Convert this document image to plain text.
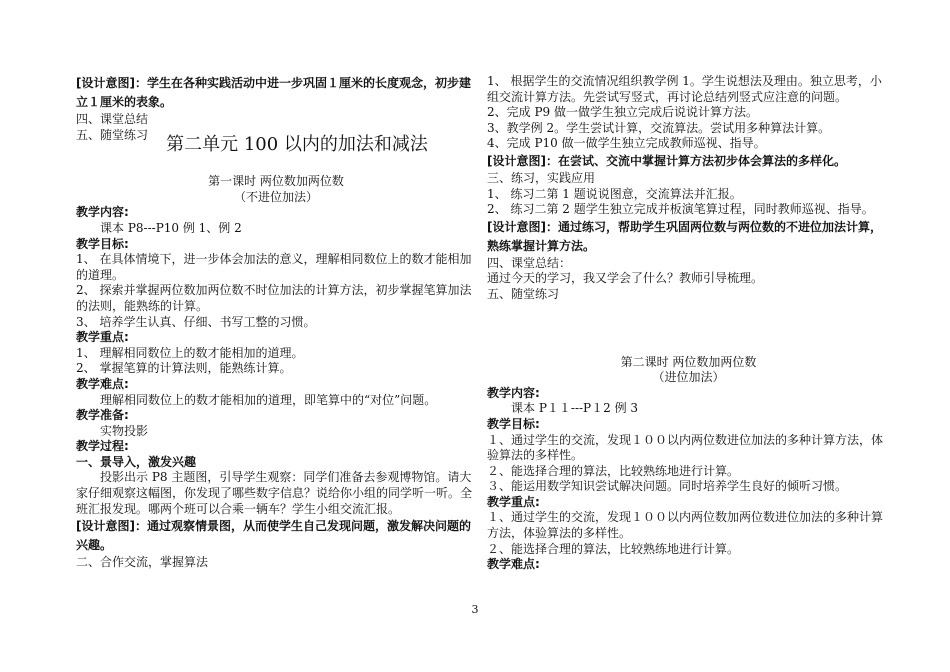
[设计意图]：学生在各种实践活动中进一步巩固１厘米的长度观念，初步建立１厘米的表象。

四、课堂总结

五、随堂练习	第二单元 100 以内的加法和减法

第一课时 两位数加两位数

（不进位加法）

教学内容:

课本 P8---P10 例 1、例 2

教学目标:

1、 在具体情境下，进一步体会加法的意义，理解相同数位上的数才能相加的道理。

2、 探索并掌握两位数加两位数不时位加法的计算方法，初步掌握笔算加法的法则，能熟练的计算。

3、 培养学生认真、仔细、书写工整的习惯。

教学重点:

1、 理解相同数位上的数才能相加的道理。

2、 掌握笔算的计算法则，能熟练计算。

教学难点:

理解相同数位上的数才能相加的道理，即笔算中的“对位”问题。

教学准备:

实物投影

教学过程:

一、景导入，激发兴趣

投影出示 P8 主题图，引导学生观察：同学们准备去参观博物馆。请大家仔细观察这幅图，你发现了哪些数字信息？说给你小组的同学听一听。全班汇报发现。哪两个班可以合乘一辆车？学生小组交流汇报。

[设计意图]：通过观察情景图，从而使学生自己发现问题，激发解决问题的兴趣。

二、合作交流，掌握算法

1、 根据学生的交流情况组织教学例 1。学生说想法及理由。独立思考，小组交流计算方法。先尝试写竖式，再讨论总结列竖式应注意的问题。

2、完成 P9 做一做学生独立完成后说说计算方法。

3、教学例 2。学生尝试计算，交流算法。尝试用多种算法计算。

4、完成 P10 做一做学生独立完成教师巡视、指导。

[设计意图]：在尝试、交流中掌握计算方法初步体会算法的多样化。

三、练习，实践应用

1、 练习二第 1 题说说图意，交流算法并汇报。

2、 练习二第 2 题学生独立完成并板演笔算过程，同时教师巡视、指导。

[设计意图]：通过练习，帮助学生巩固两位数与两位数的不进位加法计算，熟练掌握计算方法。

四、课堂总结：

通过今天的学习，我又学会了什么？教师引导梳理。

五、随堂练习

第二课时 两位数加两位数

（进位加法）

教学内容:

课本 P１１---P１2 例 3

教学目标:

１、通过学生的交流，发现１００以内两位数进位加法的多种计算方法，体验算法的多样性。

２、能选择合理的算法，比较熟练地进行计算。

３、能运用数学知识尝试解决问题。同时培养学生良好的倾听习惯。

教学重点:

１、通过学生的交流，发现１００以内两位数加两位数进位加法的多种计算方法，体验算法的多样性。

２、能选择合理的算法，比较熟练地进行计算。

教学难点:

3
